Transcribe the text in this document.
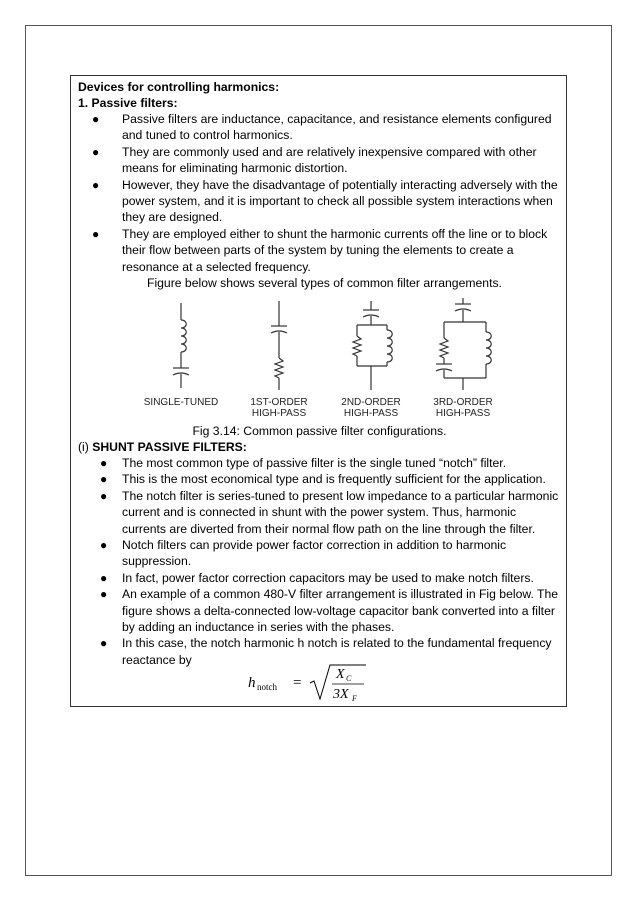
Devices for controlling harmonics:
1. Passive filters:
● Passive filters are inductance, capacitance, and resistance elements configured and tuned to control harmonics.
● They are commonly used and are relatively inexpensive compared with other means for eliminating harmonic distortion.
● However, they have the disadvantage of potentially interacting adversely with the power system, and it is important to check all possible system interactions when they are designed.
● They are employed either to shunt the harmonic currents off the line or to block their flow between parts of the system by tuning the elements to create a resonance at a selected frequency.
Figure below shows several types of common filter arrangements.
SINGLE-TUNED	1ST-ORDER
HIGH-PASS
2ND-ORDER
HIGH-PASS
3RD-ORDER
HIGH-PASS
Fig 3.14: Common passive filter configurations.
(i) SHUNT PASSIVE FILTERS:
● The most common type of passive filter is the single tuned “notch” filter.
● This is the most economical type and is frequently sufficient for the application.
● The notch filter is series-tuned to present low impedance to a particular harmonic current and is connected in shunt with the power system. Thus, harmonic currents are diverted from their normal flow path on the line through the filter.
● Notch filters can provide power factor correction in addition to harmonic suppression.
● In fact, power factor correction capacitors may be used to make notch filters.
● An example of a common 480-V filter arrangement is illustrated in Fig below. The figure shows a delta-connected low-voltage capacitor bank converted into a filter by adding an inductance in series with the phases.
● In this case, the notch harmonic h notch is related to the fundamental frequency reactance by
h notch =
X C
3X F
